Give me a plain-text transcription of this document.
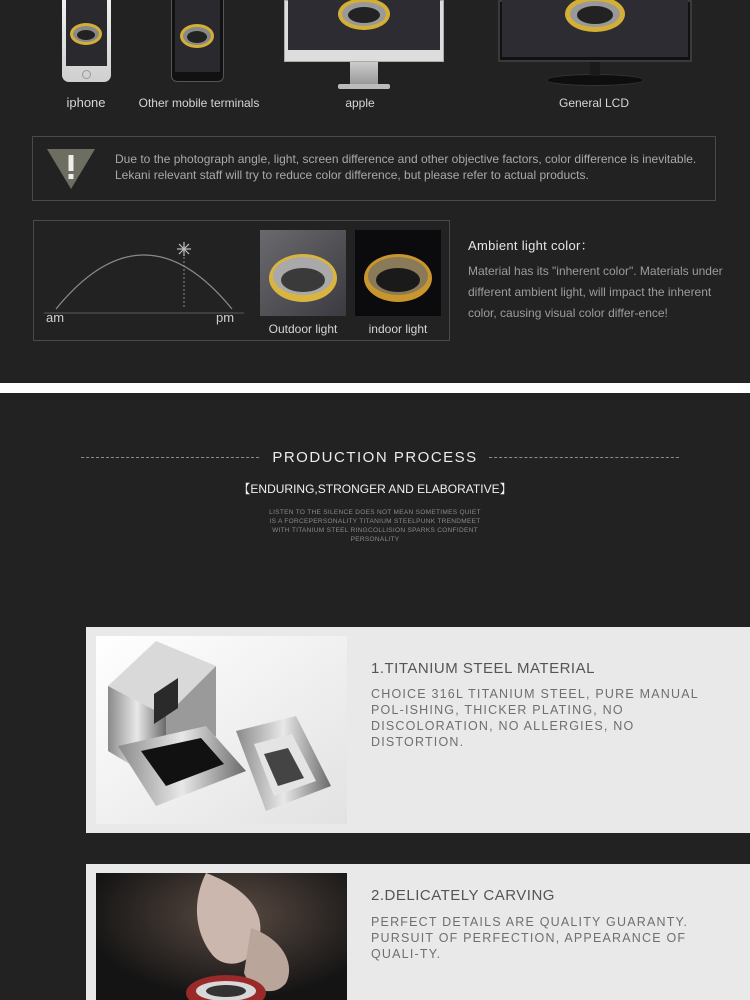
iphone	Other mobile terminals	apple	General LCD
Due to the photograph angle, light, screen difference and other objective factors, color difference is inevitable. Lekani relevant staff will try to reduce color difference, but please refer to actual products.
am	pm
Outdoor light	indoor light
Ambient light color：
Material has its "inherent color". Materials under different ambient light, will impact the inherent color, causing visual color differ-ence!
PRODUCTION PROCESS
【ENDURING,STRONGER AND ELABORATIVE】
LISTEN TO THE SILENCE DOES NOT MEAN SOMETIMES QUIET IS A FORCEPERSONALITY TITANIUM STEELPUNK TRENDMEET WITH TITANIUM STEEL RINGCOLLISION SPARKS CONFIDENT PERSONALITY
1.TITANIUM STEEL MATERIAL
CHOICE 316L TITANIUM STEEL, PURE MANUAL POL-ISHING, THICKER PLATING, NO DISCOLORATION, NO ALLERGIES, NO DISTORTION.
2.DELICATELY CARVING
PERFECT DETAILS ARE QUALITY GUARANTY. PURSUIT OF PERFECTION, APPEARANCE OF QUALI-TY.
